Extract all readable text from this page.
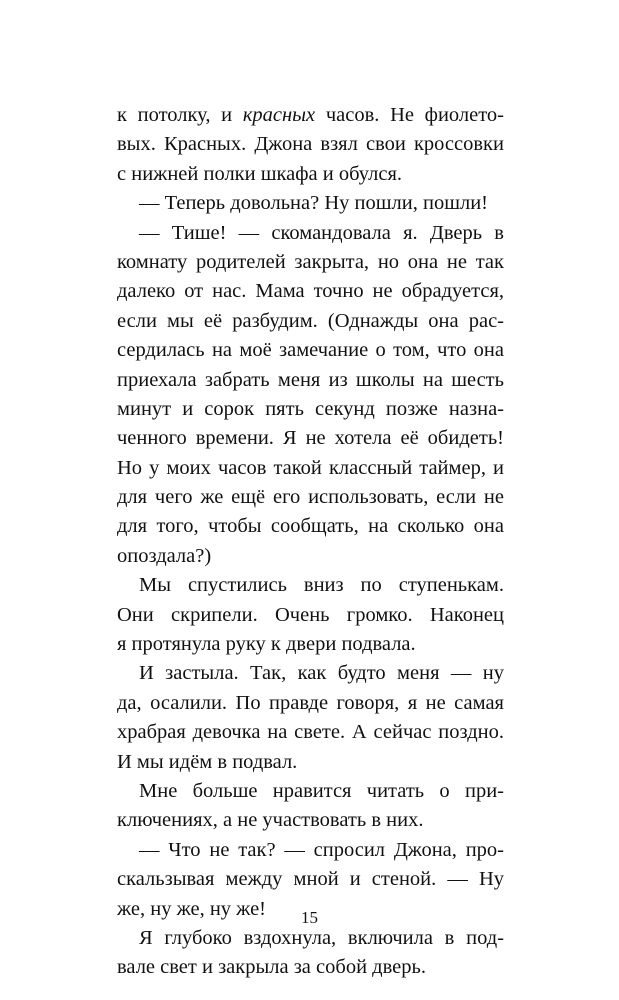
к потолку, и красных часов. Не фиолето-
вых. Красных. Джона взял свои кроссовки
с нижней полки шкафа и обулся.
— Теперь довольна? Ну пошли, пошли!
— Тише! — скомандовала я. Дверь в
комнату родителей закрыта, но она не так
далеко от нас. Мама точно не обрадуется,
если мы её разбудим. (Однажды она рас-
сердилась на моё замечание о том, что она
приехала забрать меня из школы на шесть
минут и сорок пять секунд позже назна-
ченного времени. Я не хотела её обидеть!
Но у моих часов такой классный таймер, и
для чего же ещё его использовать, если не
для того, чтобы сообщать, на сколько она
опоздала?)
Мы спустились вниз по ступенькам.
Они скрипели. Очень громко. Наконец
я протянула руку к двери подвала.
И застыла. Так, как будто меня — ну
да, осалили. По правде говоря, я не самая
храбрая девочка на свете. А сейчас поздно.
И мы идём в подвал.
Мне больше нравится читать о при-
ключениях, а не участвовать в них.
— Что не так? — спросил Джона, про-
скальзывая между мной и стеной. — Ну
же, ну же, ну же!
Я глубоко вздохнула, включила в под-
вале свет и закрыла за собой дверь.
15
